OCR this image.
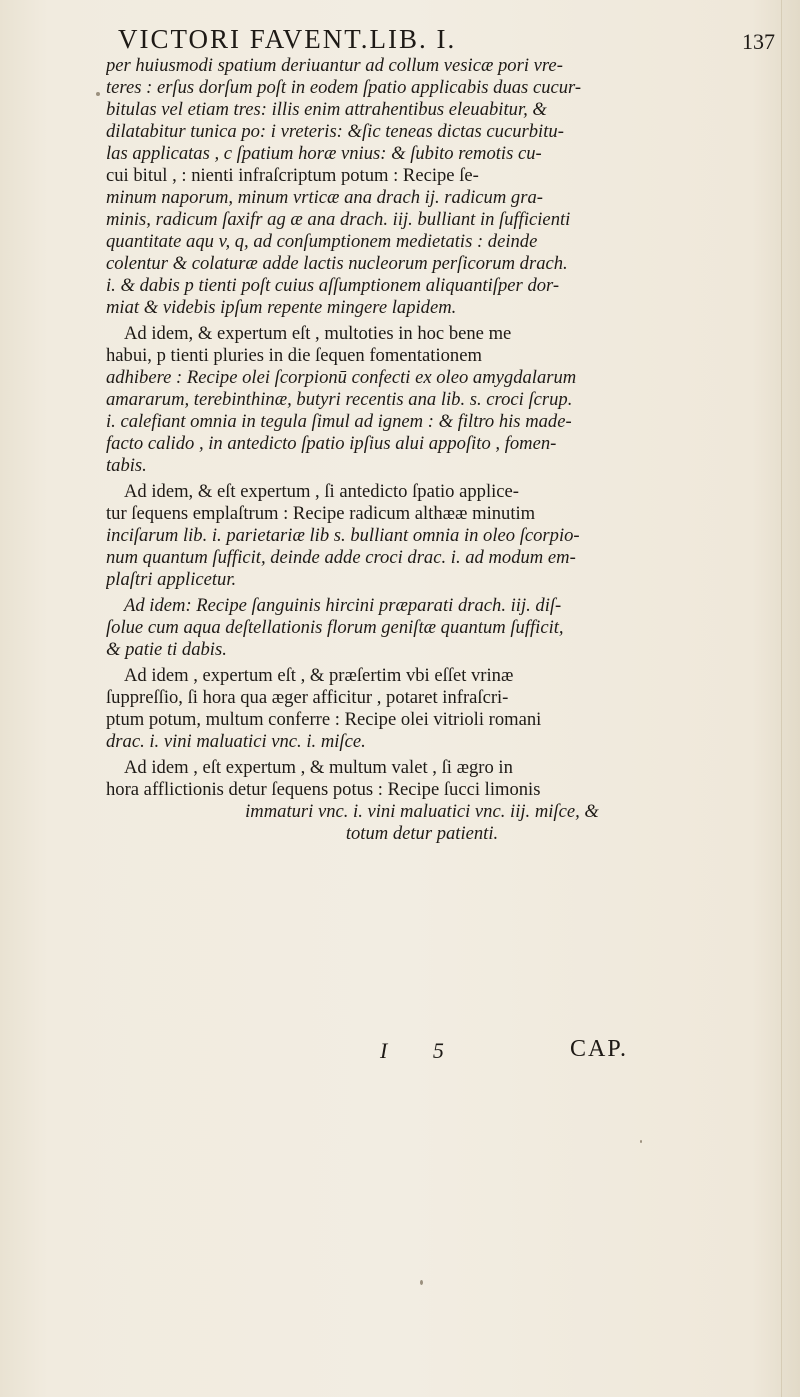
VICTORI FAVENT.LIB. I.	137
per huiusmodi spatium deriuantur ad collum vesicæ pori vre-
teres : erſus dorſum poſt in eodem ſpatio applicabis duas cucur-
bitulas vel etiam tres: illis enim attrahentibus eleuabitur, &
dilatabitur tunica po: i vreteris: &ſic teneas dictas cucurbitu-
las applicatas , c ſpatium horæ vnius: & ſubito remotis cu-
cui bitul , : nienti infraſcriptum potum : Recipe ſe-
minum naporum, minum vrticæ ana drach ij. radicum gra-
minis, radicum ſaxifr ag æ ana drach. iij. bulliant in ſufficienti
quantitate aqu v, q, ad conſumptionem medietatis : deinde
colentur & colaturæ adde lactis nucleorum perſicorum drach.
i. & dabis p tienti poſt cuius aſſumptionem aliquantiſper dor-
miat & videbis ipſum repente mingere lapidem.
Ad idem, & expertum eſt , multoties in hoc bene me
habui, p tienti pluries in die ſequen fomentationem
adhibere : Recipe olei ſcorpionū confecti ex oleo amygdalarum
amararum, terebinthinæ, butyri recentis ana lib. s. croci ſcrup.
i. calefiant omnia in tegula ſimul ad ignem : & filtro his made-
facto calido , in antedicto ſpatio ipſius alui appoſito , fomen-
tabis.
Ad idem, & eſt expertum , ſi antedicto ſpatio applice-
tur ſequens emplaſtrum : Recipe radicum althææ minutim
inciſarum lib. i. parietariæ lib s. bulliant omnia in oleo ſcorpio-
num quantum ſufficit, deinde adde croci drac. i. ad modum em-
plaſtri applicetur.
Ad idem: Recipe ſanguinis hircini præparati drach. iij. diſ-
ſolue cum aqua deſtellationis florum geniſtæ quantum ſufficit,
& patie ti dabis.
Ad idem , expertum eſt , & præſertim vbi eſſet vrinæ
ſuppreſſio, ſi hora qua æger afficitur , potaret infraſcri-
ptum potum, multum conferre : Recipe olei vitrioli romani
drac. i. vini maluatici vnc. i. miſce.
Ad idem , eſt expertum , & multum valet , ſi ægro in
hora afflictionis detur ſequens potus : Recipe ſucci limonis
immaturi vnc. i. vini maluatici vnc. iij. miſce, &
totum detur patienti.
I 5	CAP.
